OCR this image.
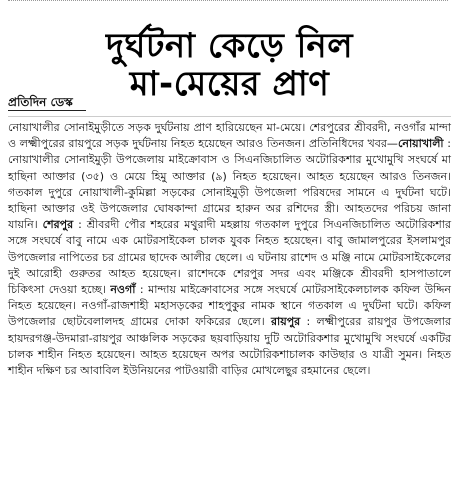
দুর্ঘটনা কেড়ে নিল
মা-মেয়ের প্রাণ
প্রতিদিন ডেস্ক
নোয়াখালীর সোনাইমুড়ীতে সড়ক দুর্ঘটনায় প্রাণ হারিয়েছেন মা-মেয়ে। শেরপুরের শ্রীবরদী, নওগাঁর মান্দা ও লক্ষ্মীপুরের রায়পুরে সড়ক দুর্ঘটনায় নিহত হয়েছেন আরও তিনজন। প্রতিনিধিদের খবর—নোয়াখালী : নোয়াখালীর সোনাইমুড়ী উপজেলায় মাইক্রোবাস ও সিএনজিচালিত অটোরিকশার মুখোমুখি সংঘর্ষে মা হাছিনা আক্তার (৩৫) ও মেয়ে হিমু আক্তার (৯) নিহত হয়েছেন। আহত হয়েছেন আরও তিনজন। গতকাল দুপুরে নোয়াখালী-কুমিল্লা সড়কের সোনাইমুড়ী উপজেলা পরিষদের সামনে এ দুর্ঘটনা ঘটে। হাছিনা আক্তার ওই উপজেলার ঘোষকান্দা গ্রামের হারুন অর রশিদের স্ত্রী। আহতদের পরিচয় জানা যায়নি। শেরপুর : শ্রীবরদী পৌর শহরের মথুরাদী মহল্লায় গতকাল দুপুরে সিএনজিচালিত অটোরিকশার সঙ্গে সংঘর্ষে বাবু নামে এক মোটরসাইকেল চালক যুবক নিহত হয়েছেন। বাবু জামালপুরের ইসলামপুর উপজেলার নাপিতের চর গ্রামের ছাদেক আলীর ছেলে। এ ঘটনায় রাশেদ ও মঞ্জি নামে মোটরসাইকেলের দুই আরোহী গুরুতর আহত হয়েছেন। রাশেদকে শেরপুর সদর এবং মঞ্জিকে শ্রীবরদী হাসপাতালে চিকিৎসা দেওয়া হচ্ছে। নওগাঁ : মান্দায় মাইক্রোবাসের সঙ্গে সংঘর্ষে মোটরসাইকেলচালক কফিল উদ্দিন নিহত হয়েছেন। নওগাঁ-রাজশাহী মহাসড়কের শাহপুকুর নামক স্থানে গতকাল এ দুর্ঘটনা ঘটে। কফিল উপজেলার ছোটবেলালদহ গ্রামের দোকা ফকিরের ছেলে। রায়পুর : লক্ষ্মীপুরের রায়পুর উপজেলার হায়দরগঞ্জ-উদমারা-রায়পুর আঞ্চলিক সড়কের ছয়বাড়িয়ায় দুটি অটোরিকশার মুখোমুখি সংঘর্ষে একটির চালক শাহীন নিহত হয়েছেন। আহত হয়েছেন অপর অটোরিকশাচালক কাউছার ও যাত্রী সুমন। নিহত শাহীন দক্ষিণ চর আবাবিল ইউনিয়নের পাটওয়ারী বাড়ির মোখলেছুর রহমানের ছেলে।
